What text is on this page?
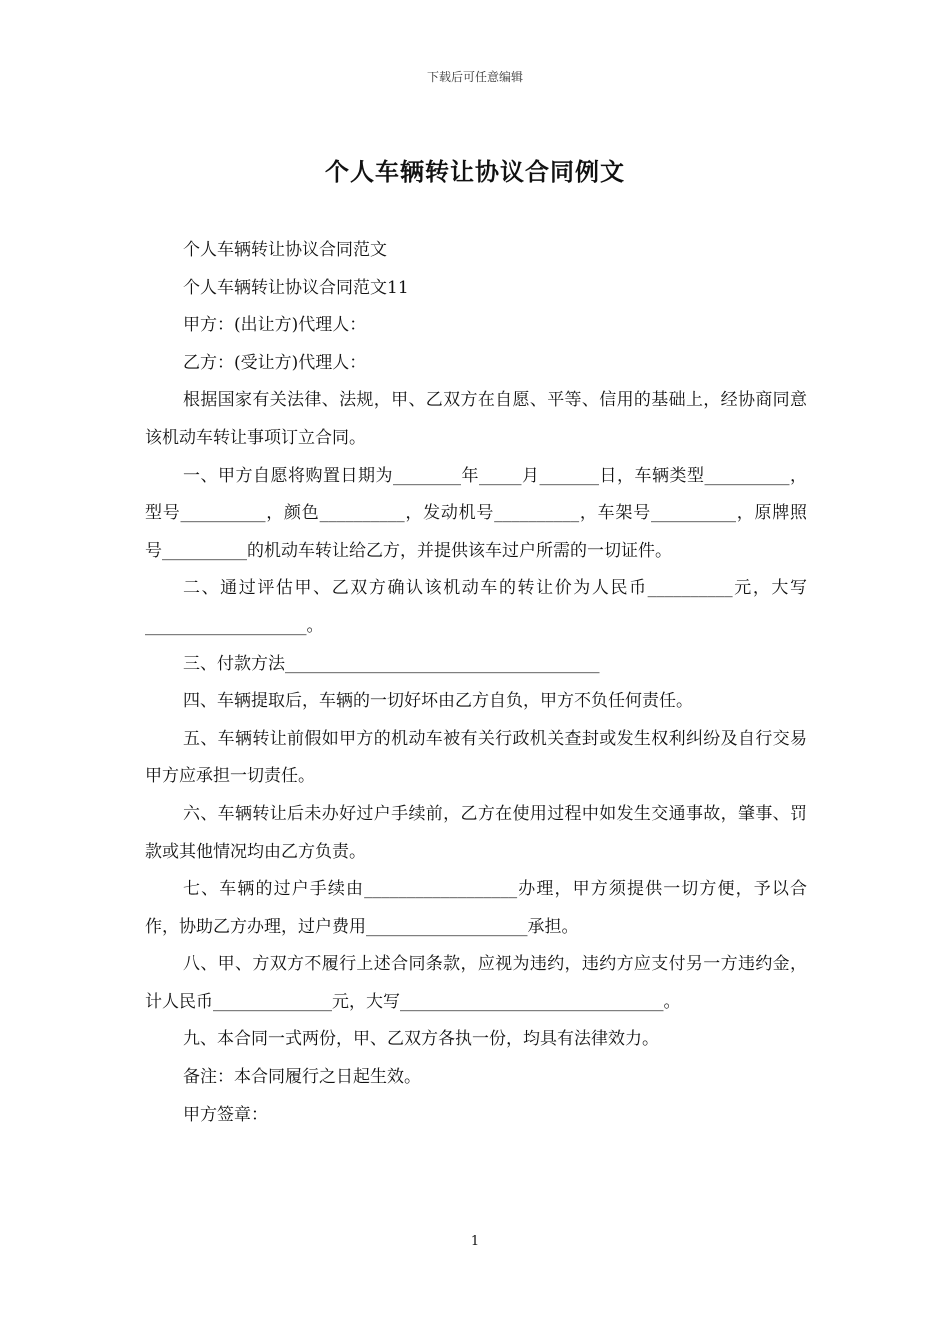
下载后可任意编辑
个人车辆转让协议合同例文

个人车辆转让协议合同范文

个人车辆转让协议合同范文11

甲方：(出让方)代理人：

乙方：(受让方)代理人：

根据国家有关法律、法规，甲、乙双方在自愿、平等、信用的基础上，经协商同意该机动车转让事项订立合同。

一、甲方自愿将购置日期为________年_____月_______日，车辆类型__________，型号__________，颜色__________，发动机号__________，车架号__________，原牌照号__________的机动车转让给乙方，并提供该车过户所需的一切证件。

二、通过评估甲、乙双方确认该机动车的转让价为人民币__________元，大写___________________。

三、付款方法_____________________________________

四、车辆提取后，车辆的一切好坏由乙方自负，甲方不负任何责任。

五、车辆转让前假如甲方的机动车被有关行政机关查封或发生权利纠纷及自行交易甲方应承担一切责任。

六、车辆转让后未办好过户手续前，乙方在使用过程中如发生交通事故，肇事、罚款或其他情况均由乙方负责。

七、车辆的过户手续由__________________办理，甲方须提供一切方便，予以合作，协助乙方办理，过户费用___________________承担。

八、甲、方双方不履行上述合同条款，应视为违约，违约方应支付另一方违约金，计人民币______________元，大写_______________________________。

九、本合同一式两份，甲、乙双方各执一份，均具有法律效力。

备注：本合同履行之日起生效。

甲方签章：

1
